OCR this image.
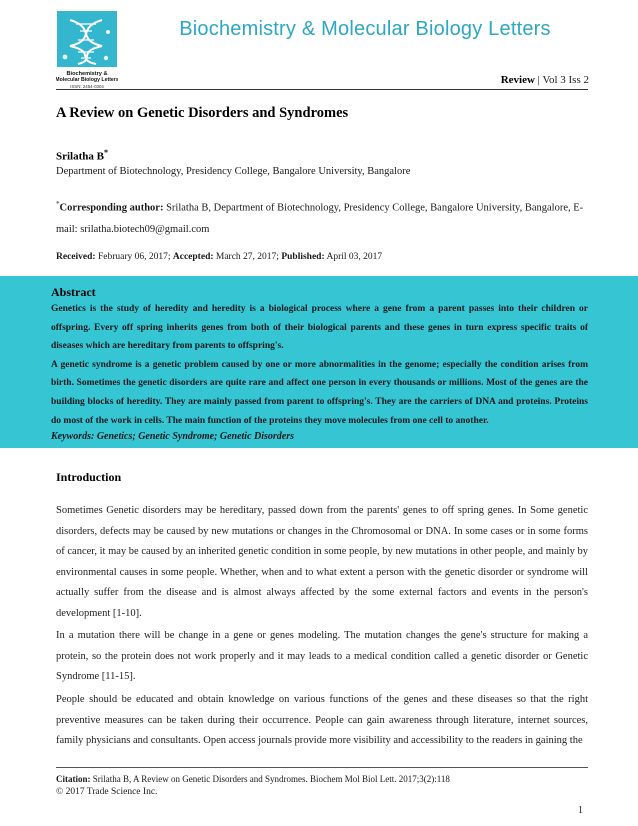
Biochemistry &
Molecular Biology Letters
ISSN: 2454-0304
Biochemistry & Molecular Biology Letters
Review | Vol 3 Iss 2
A Review on Genetic Disorders and Syndromes
Srilatha B*
Department of Biotechnology, Presidency College, Bangalore University, Bangalore
*Corresponding author: Srilatha B, Department of Biotechnology, Presidency College, Bangalore University, Bangalore, E-mail: srilatha.biotech09@gmail.com
Received: February 06, 2017; Accepted: March 27, 2017; Published: April 03, 2017
Abstract

Genetics is the study of heredity and heredity is a biological process where a gene from a parent passes into their children or offspring. Every off spring inherits genes from both of their biological parents and these genes in turn express specific traits of diseases which are hereditary from parents to offspring's.

A genetic syndrome is a genetic problem caused by one or more abnormalities in the genome; especially the condition arises from birth. Sometimes the genetic disorders are quite rare and affect one person in every thousands or millions. Most of the genes are the building blocks of heredity. They are mainly passed from parent to offspring's. They are the carriers of DNA and proteins. Proteins do most of the work in cells. The main function of the proteins they move molecules from one cell to another.

Keywords: Genetics; Genetic Syndrome; Genetic Disorders
Introduction
Sometimes Genetic disorders may be hereditary, passed down from the parents' genes to off spring genes. In Some genetic disorders, defects may be caused by new mutations or changes in the Chromosomal or DNA. In some cases or in some forms of cancer, it may be caused by an inherited genetic condition in some people, by new mutations in other people, and mainly by environmental causes in some people. Whether, when and to what extent a person with the genetic disorder or syndrome will actually suffer from the disease and is almost always affected by the some external factors and events in the person's development [1-10].
In a mutation there will be change in a gene or genes modeling. The mutation changes the gene's structure for making a protein, so the protein does not work properly and it may leads to a medical condition called a genetic disorder or Genetic Syndrome [11-15].
People should be educated and obtain knowledge on various functions of the genes and these diseases so that the right preventive measures can be taken during their occurrence. People can gain awareness through literature, internet sources, family physicians and consultants. Open access journals provide more visibility and accessibility to the readers in gaining the
Citation: Srilatha B, A Review on Genetic Disorders and Syndromes. Biochem Mol Biol Lett. 2017;3(2):118
© 2017 Trade Science Inc.
1
